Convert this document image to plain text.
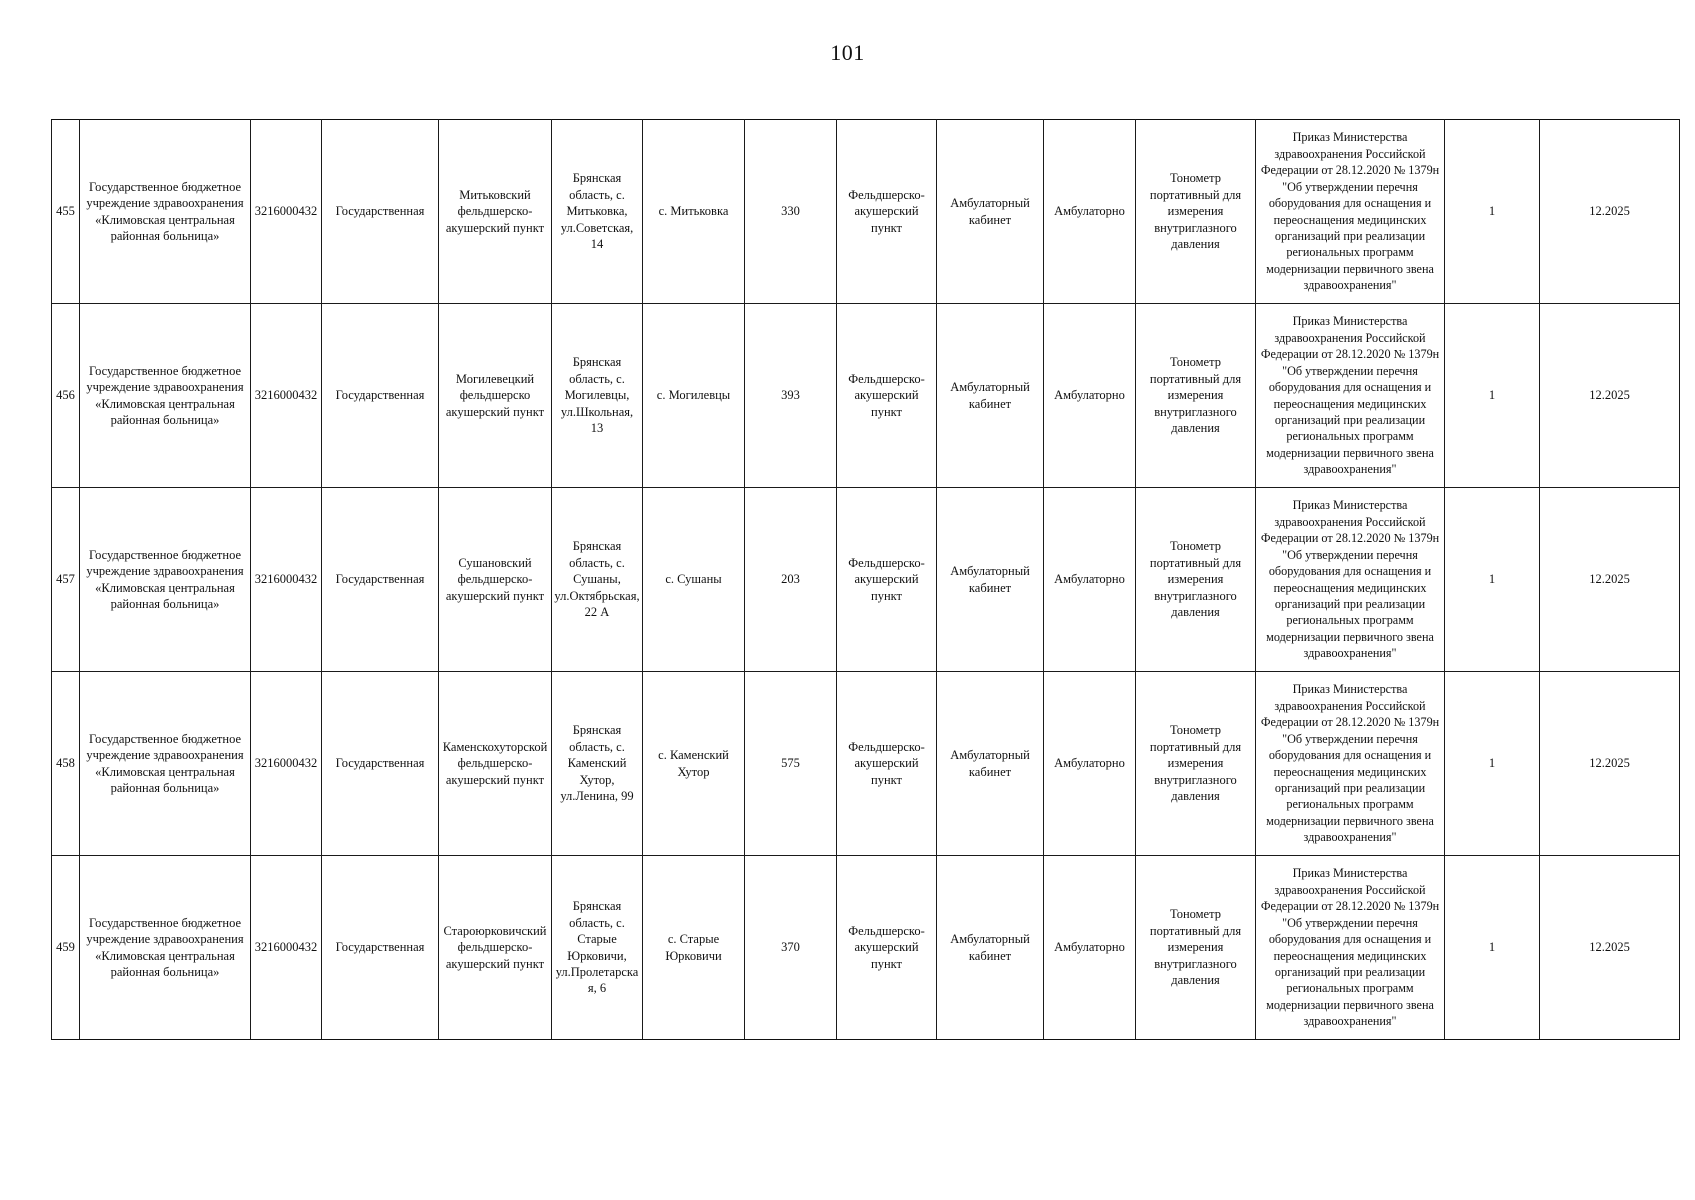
101
455	Государственное бюджетное учреждение здравоохранения «Климовская центральная районная больница»	3216000432	Государственная	Митьковский фельдшерско-акушерский пункт	Брянская область, с. Митьковка, ул.Советская, 14	с. Митьковка	330	Фельдшерско-акушерский пункт	Амбулаторный кабинет	Амбулаторно	Тонометр портативный для измерения внутриглазного давления	Приказ Министерства здравоохранения Российской Федерации от 28.12.2020 № 1379н "Об утверждении перечня оборудования для оснащения и переоснащения медицинских организаций при реализации региональных программ модернизации первичного звена здравоохранения"	1	12.2025
456	Государственное бюджетное учреждение здравоохранения «Климовская центральная районная больница»	3216000432	Государственная	Могилевецкий фельдшерско акушерский пункт	Брянская область, с. Могилевцы, ул.Школьная, 13	с. Могилевцы	393	Фельдшерско-акушерский пункт	Амбулаторный кабинет	Амбулаторно	Тонометр портативный для измерения внутриглазного давления	Приказ Министерства здравоохранения Российской Федерации от 28.12.2020 № 1379н "Об утверждении перечня оборудования для оснащения и переоснащения медицинских организаций при реализации региональных программ модернизации первичного звена здравоохранения"	1	12.2025
457	Государственное бюджетное учреждение здравоохранения «Климовская центральная районная больница»	3216000432	Государственная	Сушановский фельдшерско-акушерский пункт	Брянская область, с. Сушаны, ул.Октябрьская, 22 А	с. Сушаны	203	Фельдшерско-акушерский пункт	Амбулаторный кабинет	Амбулаторно	Тонометр портативный для измерения внутриглазного давления	Приказ Министерства здравоохранения Российской Федерации от 28.12.2020 № 1379н "Об утверждении перечня оборудования для оснащения и переоснащения медицинских организаций при реализации региональных программ модернизации первичного звена здравоохранения"	1	12.2025
458	Государственное бюджетное учреждение здравоохранения «Климовская центральная районная больница»	3216000432	Государственная	Каменскохуторской фельдшерско-акушерский пункт	Брянская область, с. Каменский Хутор, ул.Ленина, 99	с. Каменский Хутор	575	Фельдшерско-акушерский пункт	Амбулаторный кабинет	Амбулаторно	Тонометр портативный для измерения внутриглазного давления	Приказ Министерства здравоохранения Российской Федерации от 28.12.2020 № 1379н "Об утверждении перечня оборудования для оснащения и переоснащения медицинских организаций при реализации региональных программ модернизации первичного звена здравоохранения"	1	12.2025
459	Государственное бюджетное учреждение здравоохранения «Климовская центральная районная больница»	3216000432	Государственная	Староюрковичский фельдшерско-акушерский пункт	Брянская область, с. Старые Юрковичи, ул.Пролетарская, 6	с. Старые Юрковичи	370	Фельдшерско-акушерский пункт	Амбулаторный кабинет	Амбулаторно	Тонометр портативный для измерения внутриглазного давления	Приказ Министерства здравоохранения Российской Федерации от 28.12.2020 № 1379н "Об утверждении перечня оборудования для оснащения и переоснащения медицинских организаций при реализации региональных программ модернизации первичного звена здравоохранения"	1	12.2025
